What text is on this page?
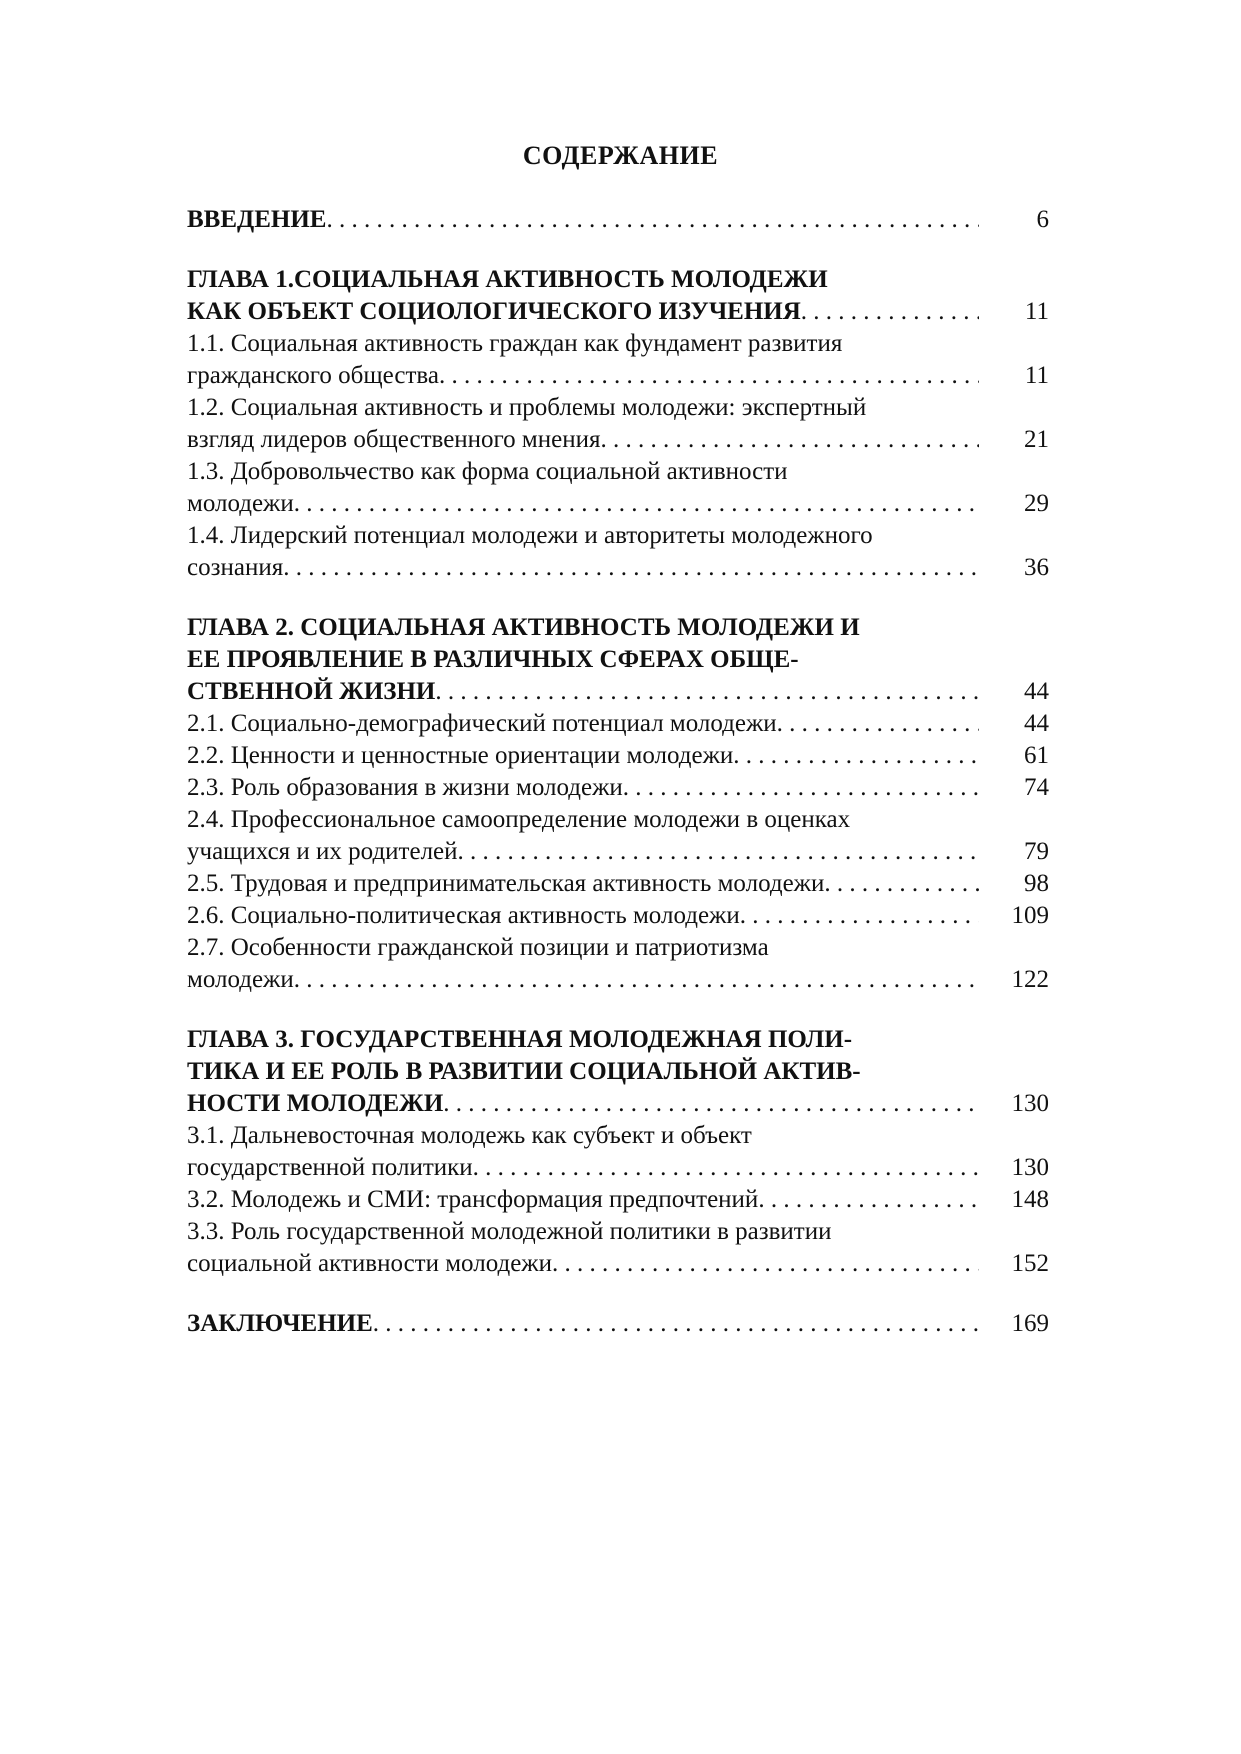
СОДЕРЖАНИЕ
ВВЕДЕНИЕ . . .	6
ГЛАВА 1.СОЦИАЛЬНАЯ АКТИВНОСТЬ МОЛОДЕЖИ
КАК ОБЪЕКТ СОЦИОЛОГИЧЕСКОГО ИЗУЧЕНИЯ . . .	11
1.1. Социальная активность граждан как фундамент развития
гражданского общества . . .	11
1.2. Социальная активность и проблемы молодежи: экспертный
взгляд лидеров общественного мнения . . .	21
1.3. Добровольчество как форма социальной активности
молодежи . . .	29
1.4. Лидерский потенциал молодежи и авторитеты молодежного
сознания . . .	36
ГЛАВА 2. СОЦИАЛЬНАЯ АКТИВНОСТЬ МОЛОДЕЖИ И
ЕЕ ПРОЯВЛЕНИЕ В РАЗЛИЧНЫХ СФЕРАХ ОБЩЕ-
СТВЕННОЙ ЖИЗНИ . . .	44
2.1. Социально-демографический потенциал молодежи . . .	44
2.2. Ценности и ценностные ориентации молодежи . . .	61
2.3. Роль образования в жизни молодежи . . .	74
2.4. Профессиональное самоопределение молодежи в оценках
учащихся и их родителей . . .	79
2.5. Трудовая и предпринимательская активность молодежи . . .	98
2.6. Социально-политическая активность молодежи . . .	109
2.7. Особенности гражданской позиции и патриотизма
молодежи . . .	122
ГЛАВА 3. ГОСУДАРСТВЕННАЯ МОЛОДЕЖНАЯ ПОЛИ-
ТИКА И ЕЕ РОЛЬ В РАЗВИТИИ СОЦИАЛЬНОЙ АКТИВ-
НОСТИ МОЛОДЕЖИ . . .	130
3.1. Дальневосточная молодежь как субъект и объект
государственной политики . . .	130
3.2. Молодежь и СМИ: трансформация предпочтений . . .	148
3.3. Роль государственной молодежной политики в развитии
социальной активности молодежи . . .	152
ЗАКЛЮЧЕНИЕ . . .	169
